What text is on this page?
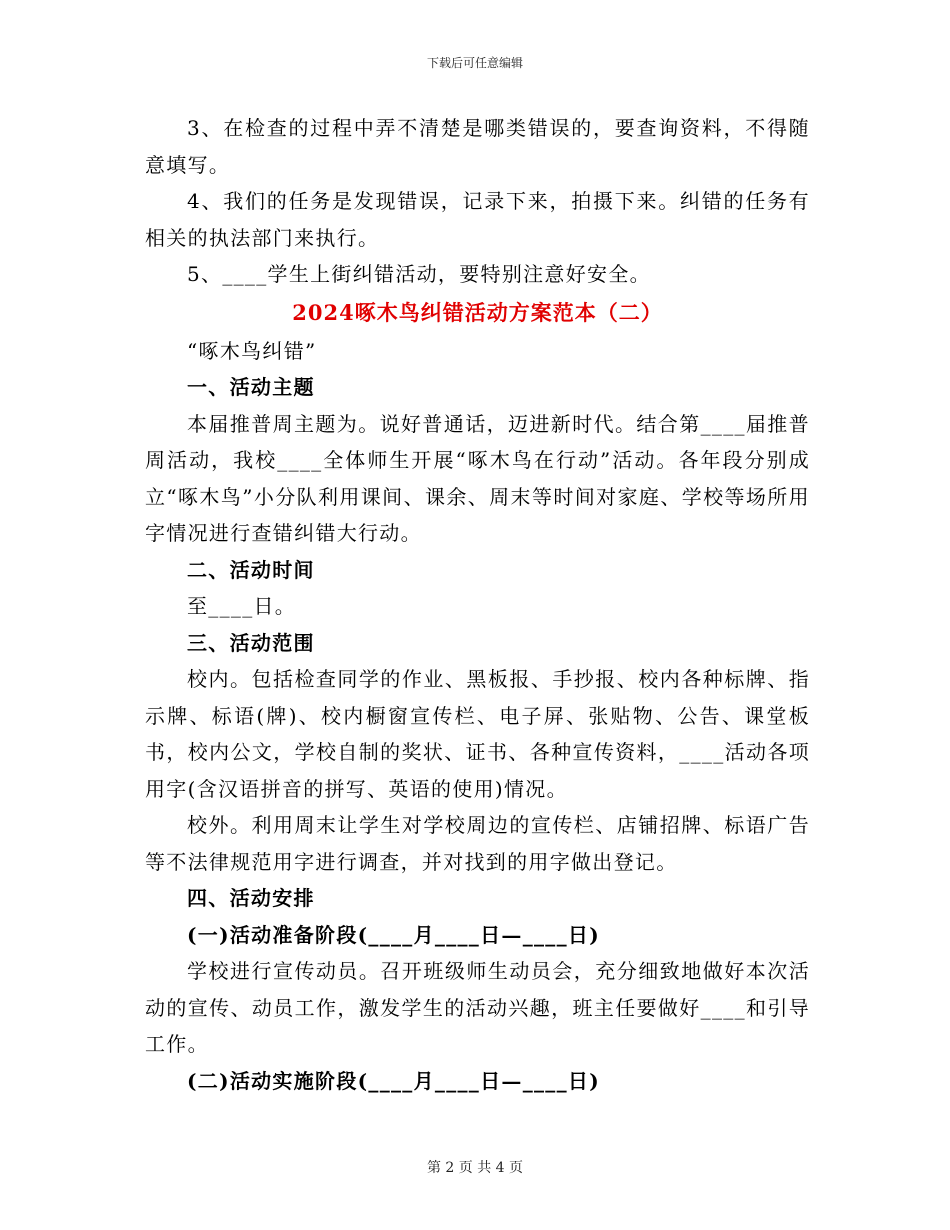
下载后可任意编辑

3、在检查的过程中弄不清楚是哪类错误的，要查询资料，不得随意填写。

4、我们的任务是发现错误，记录下来，拍摄下来。纠错的任务有相关的执法部门来执行。

5、____学生上街纠错活动，要特别注意好安全。

2024啄木鸟纠错活动方案范本（二）

“啄木鸟纠错”

一、活动主题

本届推普周主题为。说好普通话，迈进新时代。结合第____届推普周活动，我校____全体师生开展“啄木鸟在行动”活动。各年段分别成立“啄木鸟”小分队利用课间、课余、周末等时间对家庭、学校等场所用字情况进行查错纠错大行动。

二、活动时间

至____日。

三、活动范围

校内。包括检查同学的作业、黑板报、手抄报、校内各种标牌、指示牌、标语(牌)、校内橱窗宣传栏、电子屏、张贴物、公告、课堂板书，校内公文，学校自制的奖状、证书、各种宣传资料，____活动各项用字(含汉语拼音的拼写、英语的使用)情况。

校外。利用周末让学生对学校周边的宣传栏、店铺招牌、标语广告等不法律规范用字进行调查，并对找到的用字做出登记。

四、活动安排

(一)活动准备阶段(____月____日—____日)

学校进行宣传动员。召开班级师生动员会，充分细致地做好本次活动的宣传、动员工作，激发学生的活动兴趣，班主任要做好____和引导工作。

(二)活动实施阶段(____月____日—____日)

第 2 页 共 4 页
